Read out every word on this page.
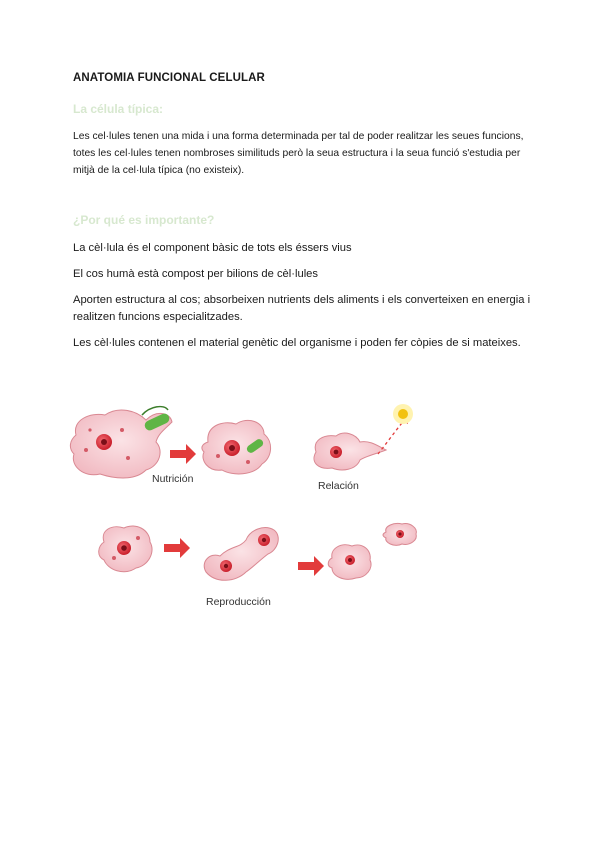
ANATOMIA FUNCIONAL CELULAR
La célula típica:

Les cel·lules tenen una mida i una forma determinada per tal de poder realitzar les seues funcions,

totes les cel·lules tenen nombroses similituds però la seua estructura i la seua funció s'estudia per

mitjà de la cel·lula típica (no existeix).

¿Por qué es importante?

La cèl·lula és el component bàsic de tots els éssers vius

El cos humà està compost per bilions de cèl·lules

Aporten estructura al cos; absorbeixen nutrients dels aliments i els converteixen en energia i realitzen funcions especialitzades.

Les cèl·lules contenen el material genètic del organisme i poden fer còpies de si mateixes.

Nutrición
Relación
Reproducción
